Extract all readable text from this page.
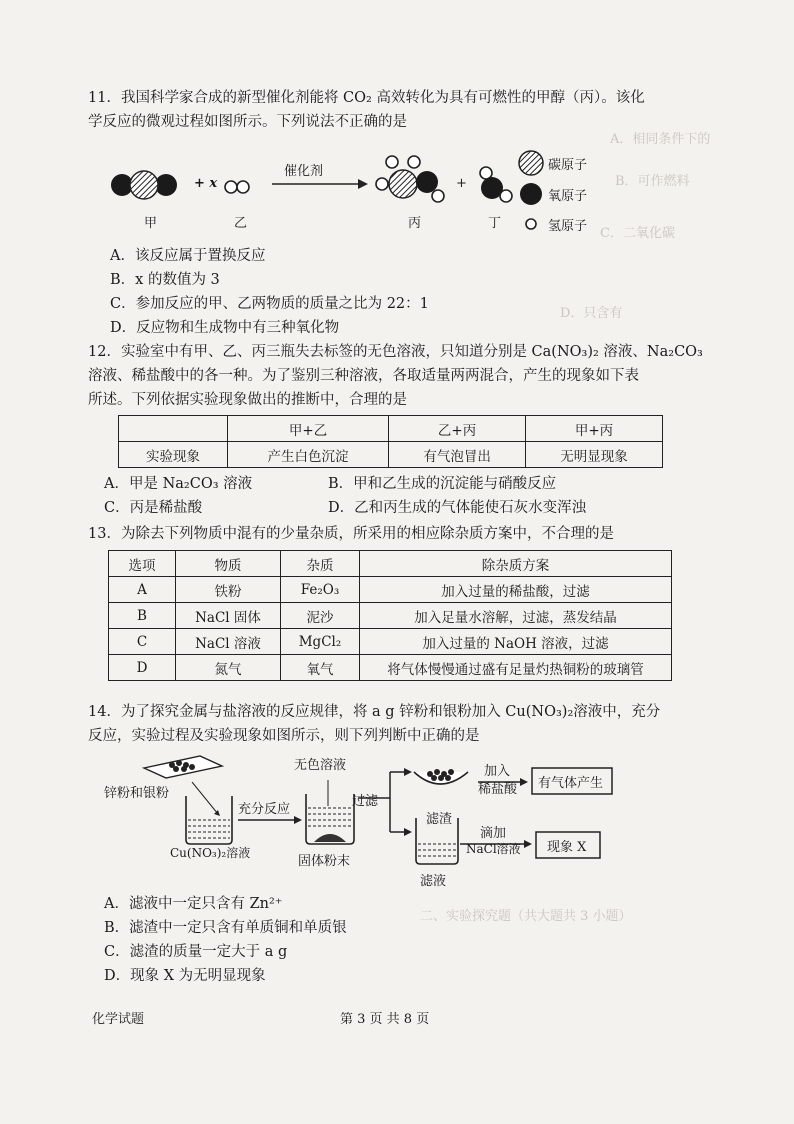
A．相同条件下的
B．可作燃料
C．二氧化碳
D．只含有
二、实验探究题（共大题共 3 小题）
11．我国科学家合成的新型催化剂能将 CO₂ 高效转化为具有可燃性的甲醇（丙）。该化
学反应的微观过程如图所示。下列说法不正确的是
+ x
催化剂
+
甲	乙	丙	丁
碳原子
氧原子
氢原子
A．该反应属于置换反应
B．x 的数值为 3
C．参加反应的甲、乙两物质的质量之比为 22：1
D．反应物和生成物中有三种氧化物
12．实验室中有甲、乙、丙三瓶失去标签的无色溶液，只知道分别是 Ca(NO₃)₂ 溶液、Na₂CO₃
溶液、稀盐酸中的各一种。为了鉴别三种溶液，各取适量两两混合，产生的现象如下表
所述。下列依据实验现象做出的推断中，合理的是
	甲+乙	乙+丙	甲+丙
实验现象	产生白色沉淀	有气泡冒出	无明显现象
A．甲是 Na₂CO₃ 溶液	B．甲和乙生成的沉淀能与硝酸反应
C．丙是稀盐酸	D．乙和丙生成的气体能使石灰水变浑浊
13．为除去下列物质中混有的少量杂质，所采用的相应除杂质方案中，不合理的是
选项	物质	杂质	除杂质方案
A	铁粉	Fe₂O₃	加入过量的稀盐酸，过滤
B	NaCl 固体	泥沙	加入足量水溶解，过滤，蒸发结晶
C	NaCl 溶液	MgCl₂	加入过量的 NaOH 溶液，过滤
D	氮气	氧气	将气体慢慢通过盛有足量灼热铜粉的玻璃管
14．为了探究金属与盐溶液的反应规律，将 a g 锌粉和银粉加入 Cu(NO₃)₂溶液中，充分
反应，实验过程及实验现象如图所示，则下列判断中正确的是
锌粉和银粉
充分反应
无色溶液
过滤
Cu(NO₃)₂溶液
固体粉末
滤渣
滤液
加入
稀盐酸 有气体产生
滴加
NaCl溶液 现象 X
A．滤液中一定只含有 Zn²⁺
B．滤渣中一定只含有单质铜和单质银
C．滤渣的质量一定大于 a g
D．现象 X 为无明显现象
化学试题	第 3 页 共 8 页
